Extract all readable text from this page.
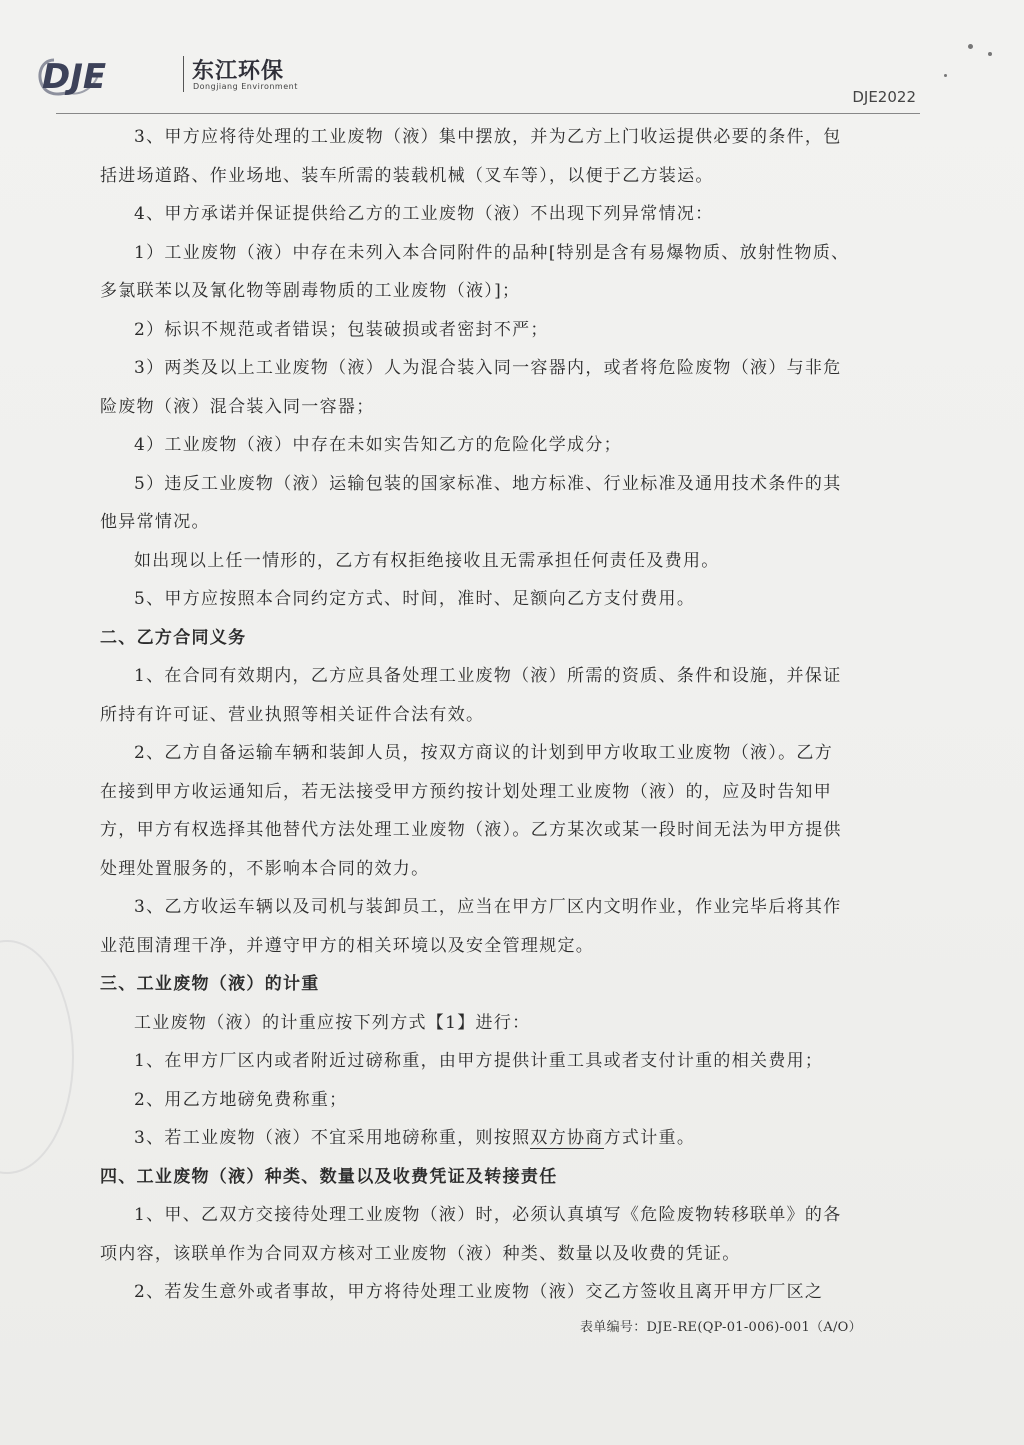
DJE	东江环保
Dongjiang Environment
DJE2022
3、甲方应将待处理的工业废物（液）集中摆放，并为乙方上门收运提供必要的条件，包
括进场道路、作业场地、装车所需的装载机械（叉车等），以便于乙方装运。
4、甲方承诺并保证提供给乙方的工业废物（液）不出现下列异常情况：
1）工业废物（液）中存在未列入本合同附件的品种[特别是含有易爆物质、放射性物质、
多氯联苯以及氰化物等剧毒物质的工业废物（液）]；
2）标识不规范或者错误；包装破损或者密封不严；
3）两类及以上工业废物（液）人为混合装入同一容器内，或者将危险废物（液）与非危
险废物（液）混合装入同一容器；
4）工业废物（液）中存在未如实告知乙方的危险化学成分；
5）违反工业废物（液）运输包装的国家标准、地方标准、行业标准及通用技术条件的其
他异常情况。
如出现以上任一情形的，乙方有权拒绝接收且无需承担任何责任及费用。
5、甲方应按照本合同约定方式、时间，准时、足额向乙方支付费用。
二、乙方合同义务
1、在合同有效期内，乙方应具备处理工业废物（液）所需的资质、条件和设施，并保证
所持有许可证、营业执照等相关证件合法有效。
2、乙方自备运输车辆和装卸人员，按双方商议的计划到甲方收取工业废物（液）。乙方
在接到甲方收运通知后，若无法接受甲方预约按计划处理工业废物（液）的，应及时告知甲
方，甲方有权选择其他替代方法处理工业废物（液）。乙方某次或某一段时间无法为甲方提供
处理处置服务的，不影响本合同的效力。
3、乙方收运车辆以及司机与装卸员工，应当在甲方厂区内文明作业，作业完毕后将其作
业范围清理干净，并遵守甲方的相关环境以及安全管理规定。
三、工业废物（液）的计重
工业废物（液）的计重应按下列方式【1】进行：
1、在甲方厂区内或者附近过磅称重，由甲方提供计重工具或者支付计重的相关费用；
2、用乙方地磅免费称重；
3、若工业废物（液）不宜采用地磅称重，则按照双方协商方式计重。
四、工业废物（液）种类、数量以及收费凭证及转接责任
1、甲、乙双方交接待处理工业废物（液）时，必须认真填写《危险废物转移联单》的各
项内容，该联单作为合同双方核对工业废物（液）种类、数量以及收费的凭证。
2、若发生意外或者事故，甲方将待处理工业废物（液）交乙方签收且离开甲方厂区之
表单编号：DJE-RE(QP-01-006)-001（A/O）
